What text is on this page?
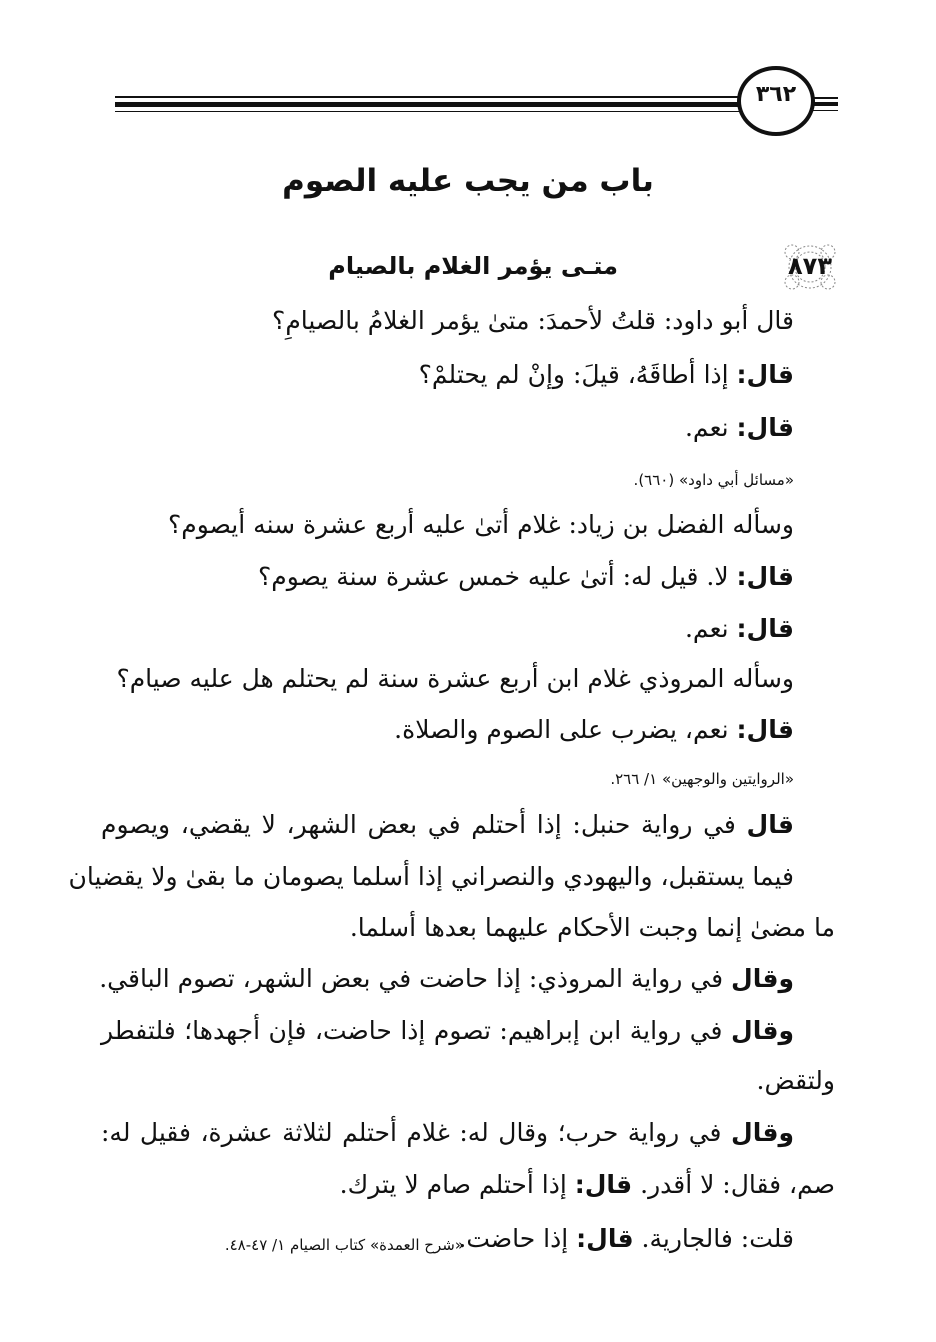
٣٦٢
باب من يجب عليه الصوم
٨٧٣
متـى يؤمر الغلام بالصيام
قال أبو داود: قلتُ لأحمدَ: متىٰ يؤمر الغلامُ بالصيامِ؟
قال: إذا أطاقَهُ، قيلَ: وإنْ لم يحتلمْ؟
قال: نعم.
«مسائل أبي داود» (٦٦٠).
وسأله الفضل بن زياد: غلام أتىٰ عليه أربع عشرة سنه أيصوم؟
قال: لا. قيل له: أتىٰ عليه خمس عشرة سنة يصوم؟
قال: نعم.
وسأله المروذي غلام ابن أربع عشرة سنة لم يحتلم هل عليه صيام؟
قال: نعم، يضرب على الصوم والصلاة.
«الروايتين والوجهين» ١/ ٢٦٦.
قال في رواية حنبل: إذا أحتلم في بعض الشهر، لا يقضي، ويصوم
فيما يستقبل، واليهودي والنصراني إذا أسلما يصومان ما بقىٰ ولا يقضيان
ما مضىٰ إنما وجبت الأحكام عليهما بعدها أسلما.
وقال في رواية المروذي: إذا حاضت في بعض الشهر، تصوم الباقي.
وقال في رواية ابن إبراهيم: تصوم إذا حاضت، فإن أجهدها؛ فلتفطر
ولتقض.
وقال في رواية حرب؛ وقال له: غلام أحتلم لثلاثة عشرة، فقيل له:
صم، فقال: لا أقدر. قال: إذا أحتلم صام لا يترك.
قلت: فالجارية. قال: إذا حاضت.
«شرح العمدة» كتاب الصيام ١/ ٤٧-٤٨.
